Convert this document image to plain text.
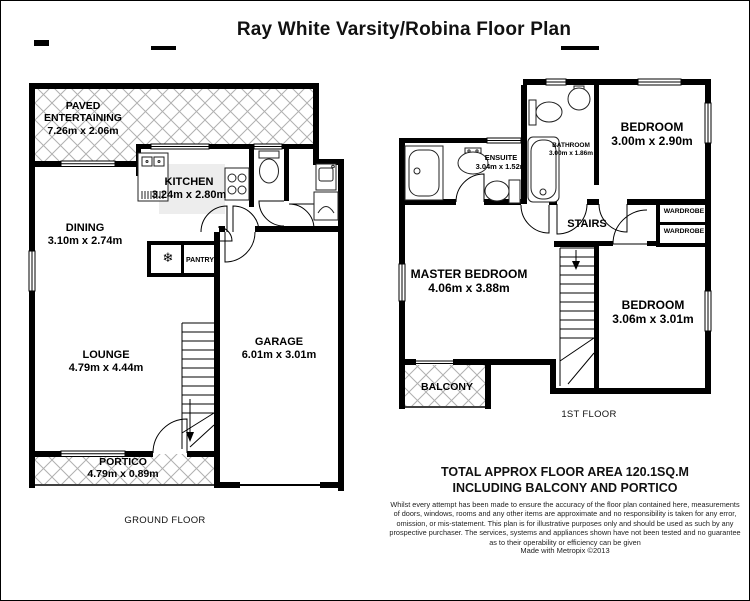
Ray White Varsity/Robina Floor Plan
PAVED ENTERTAINING
7.26m x 2.06m
KITCHEN
3.24m x 2.80m
DINING
3.10m x 2.74m
❄	PANTRY
LOUNGE
4.79m x 4.44m
GARAGE
6.01m x 3.01m
PORTICO
4.79m x 0.89m
GROUND FLOOR
ENSUITE
3.04m x 1.52m
BATHROOM
3.00m x 1.86m
BEDROOM
3.00m x 2.90m
STAIRS
WARDROBE
WARDROBE
MASTER BEDROOM
4.06m x 3.88m
BEDROOM
3.06m x 3.01m
BALCONY
1ST FLOOR
TOTAL APPROX FLOOR AREA 120.1SQ.M
INCLUDING BALCONY AND PORTICO
Whilst every attempt has been made to ensure the accuracy of the floor plan contained here, measurements of doors, windows, rooms and any other items are approximate and no responsibility is taken for any error, omission, or mis-statement. This plan is for illustrative purposes only and should be used as such by any prospective purchaser. The services, systems and appliances shown have not been tested and no guarantee as to their operability or efficiency can be given
Made with Metropix ©2013
